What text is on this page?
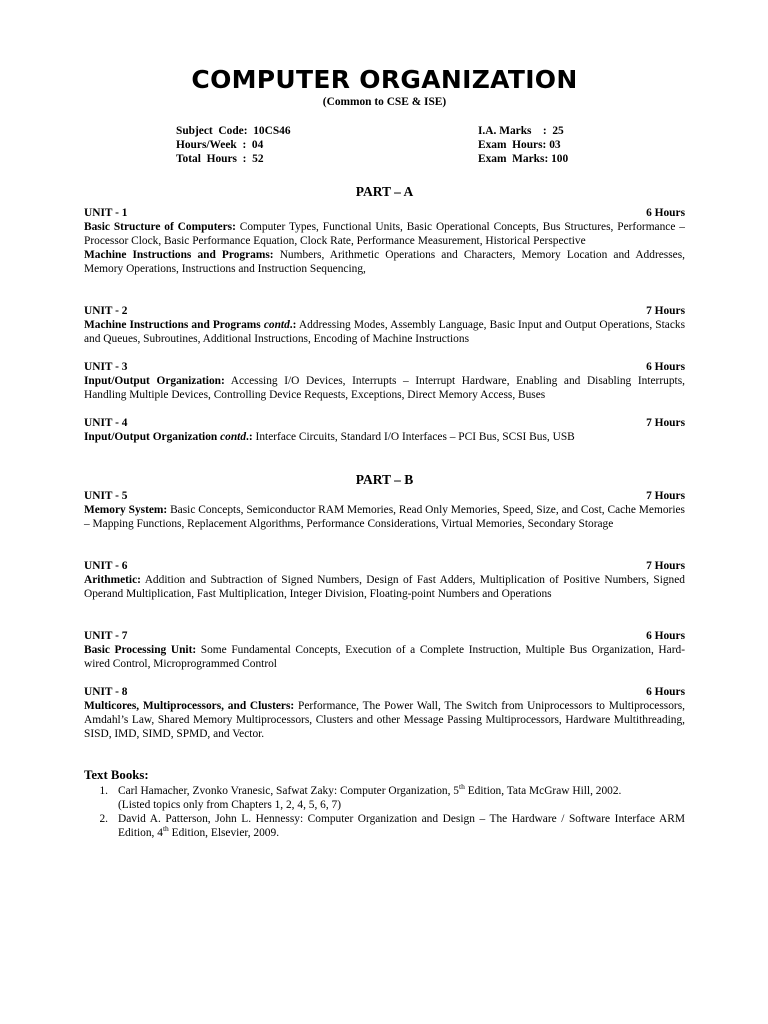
COMPUTER ORGANIZATION
(Common to CSE & ISE)
Subject  Code:  10CS46
Hours/Week  :  04
Total  Hours  :  52
I.A. Marks    :  25
Exam  Hours: 03
Exam  Marks: 100
PART – A
UNIT - 1	6 Hours

Basic Structure of Computers: Computer Types, Functional Units, Basic Operational Concepts, Bus Structures, Performance – Processor Clock, Basic Performance Equation, Clock Rate, Performance Measurement, Historical Perspective

Machine Instructions and Programs: Numbers, Arithmetic Operations and Characters, Memory Location and Addresses, Memory Operations, Instructions and Instruction Sequencing,

UNIT - 2	7 Hours

Machine Instructions and Programs contd.: Addressing Modes, Assembly Language, Basic Input and Output Operations, Stacks and Queues, Subroutines, Additional Instructions, Encoding of Machine Instructions

UNIT - 3	6 Hours

Input/Output Organization: Accessing I/O Devices, Interrupts – Interrupt Hardware, Enabling and Disabling Interrupts, Handling Multiple Devices, Controlling Device Requests, Exceptions, Direct Memory Access, Buses

UNIT - 4	7 Hours

Input/Output Organization contd.: Interface Circuits, Standard I/O Interfaces – PCI Bus, SCSI Bus, USB

PART – B
UNIT - 5	7 Hours

Memory System: Basic Concepts, Semiconductor RAM Memories, Read Only Memories, Speed, Size, and Cost, Cache Memories – Mapping Functions, Replacement Algorithms, Performance Considerations, Virtual Memories, Secondary Storage

UNIT - 6	7 Hours

Arithmetic: Addition and Subtraction of Signed Numbers, Design of Fast Adders, Multiplication of Positive Numbers, Signed Operand Multiplication, Fast Multiplication, Integer Division, Floating-point Numbers and Operations

UNIT - 7	6 Hours

Basic Processing Unit: Some Fundamental Concepts, Execution of a Complete Instruction, Multiple Bus Organization, Hard-wired Control, Microprogrammed Control

UNIT - 8	6 Hours

Multicores, Multiprocessors, and Clusters: Performance, The Power Wall, The Switch from Uniprocessors to Multiprocessors, Amdahl’s Law, Shared Memory Multiprocessors, Clusters and other Message Passing Multiprocessors, Hardware Multithreading, SISD, IMD, SIMD, SPMD, and Vector.

Text Books:
1. Carl Hamacher, Zvonko Vranesic, Safwat Zaky: Computer Organization, 5th Edition, Tata McGraw Hill, 2002.
(Listed topics only from Chapters 1, 2, 4, 5, 6, 7)
2. David A. Patterson, John L. Hennessy: Computer Organization and Design – The Hardware / Software Interface ARM Edition, 4th Edition, Elsevier, 2009.
